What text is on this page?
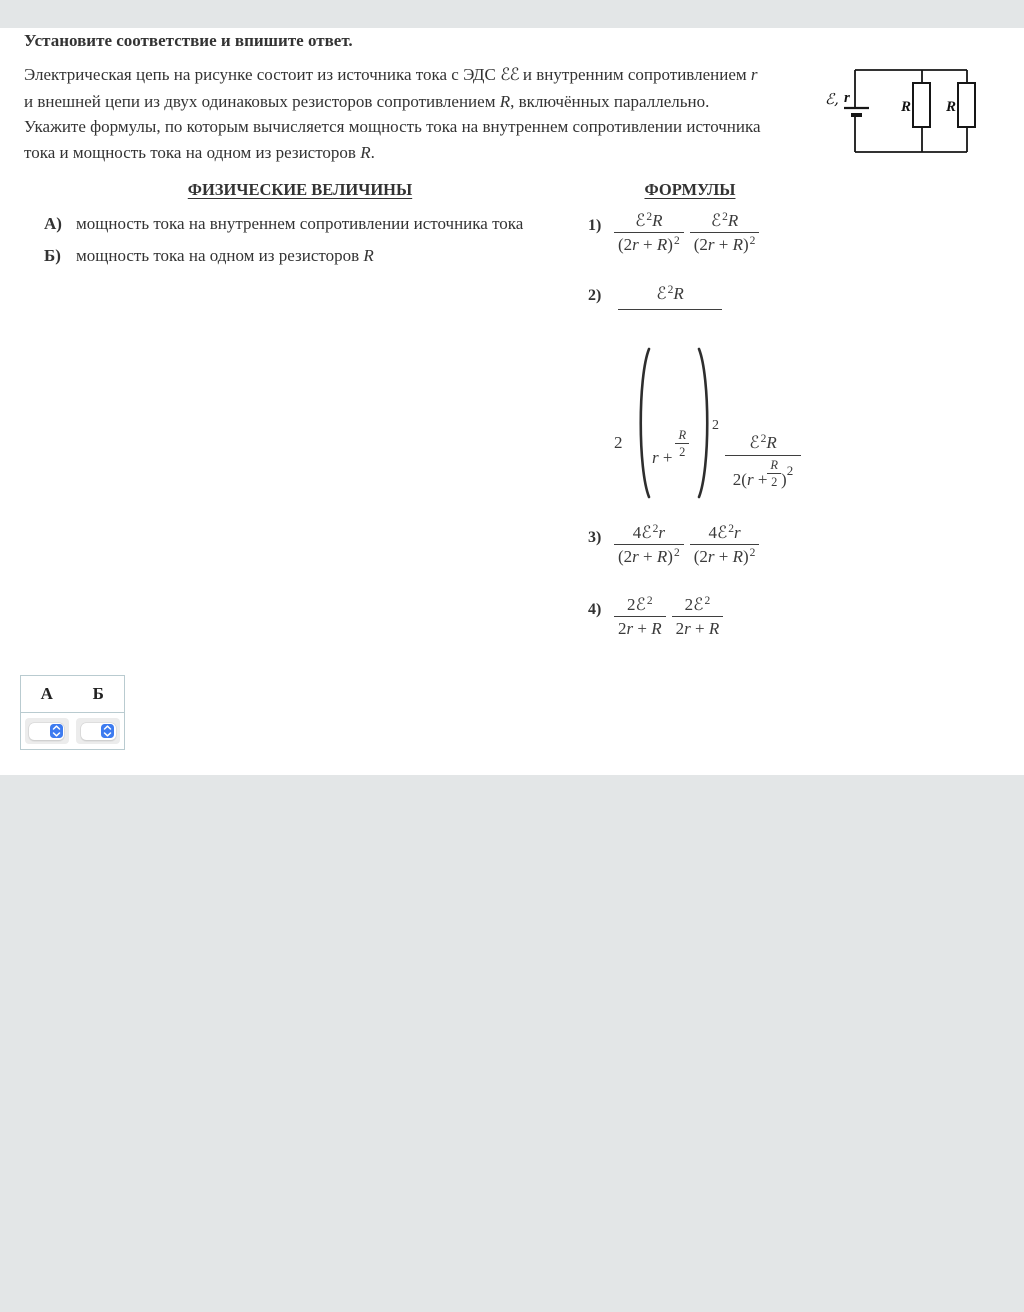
Установите соответствие и впишите ответ.
Электрическая цепь на рисунке состоит из источника тока с ЭДС ℰℰ и внутренним сопротивлением r
и внешней цепи из двух одинаковых резисторов сопротивлением R, включённых параллельно.
Укажите формулы, по которым вычисляется мощность тока на внутреннем сопротивлении источника
тока и мощность тока на одном из резисторов R.
ℰ, r
R R
ФИЗИЧЕСКИЕ ВЕЛИЧИНЫ	ФОРМУЛЫ
А) мощность тока на внутреннем сопротивлении источника тока
Б) мощность тока на одном из резисторов R
$1) \frac{ℰ^2R}{(2r + R)^2} \frac{ℰ^2R}{(2r + R)^2}$
2)	ℰ$^2$R
2
$r + \frac{R}{2}$
2
ℰ$^2$R
$2(r + \frac{R}{2}$ ) 2
$3) \frac{4ℰ^2r}{(2r + R)^2} \frac{4ℰ^2r}{(2r + R)^2}$
$4) \frac{2ℰ^2}{2r + R} \frac{2ℰ^2}{2r + R}$
А	Б
